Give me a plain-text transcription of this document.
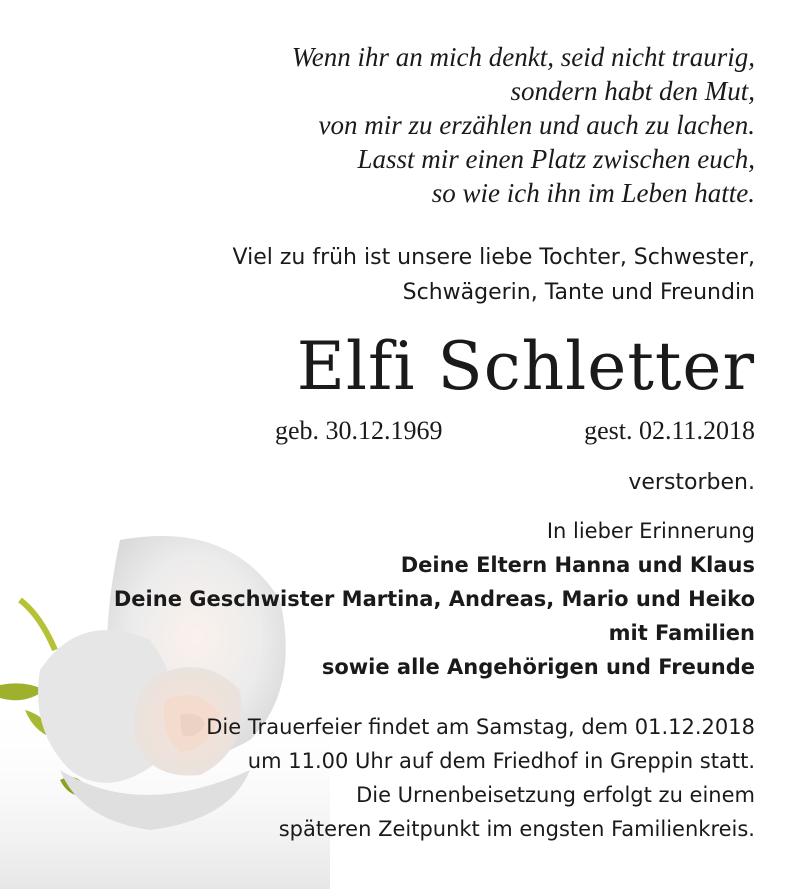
Wenn ihr an mich denkt, seid nicht traurig,
sondern habt den Mut,
von mir zu erzählen und auch zu lachen.
Lasst mir einen Platz zwischen euch,
so wie ich ihn im Leben hatte.
Viel zu früh ist unsere liebe Tochter, Schwester,
Schwägerin, Tante und Freundin
Elfi Schletter
geb. 30.12.1969	gest. 02.11.2018
verstorben.
In lieber Erinnerung
Deine Eltern Hanna und Klaus
Deine Geschwister Martina, Andreas, Mario und Heiko
mit Familien
sowie alle Angehörigen und Freunde
Die Trauerfeier findet am Samstag, dem 01.12.2018
um 11.00 Uhr auf dem Friedhof in Greppin statt.
Die Urnenbeisetzung erfolgt zu einem
späteren Zeitpunkt im engsten Familienkreis.
